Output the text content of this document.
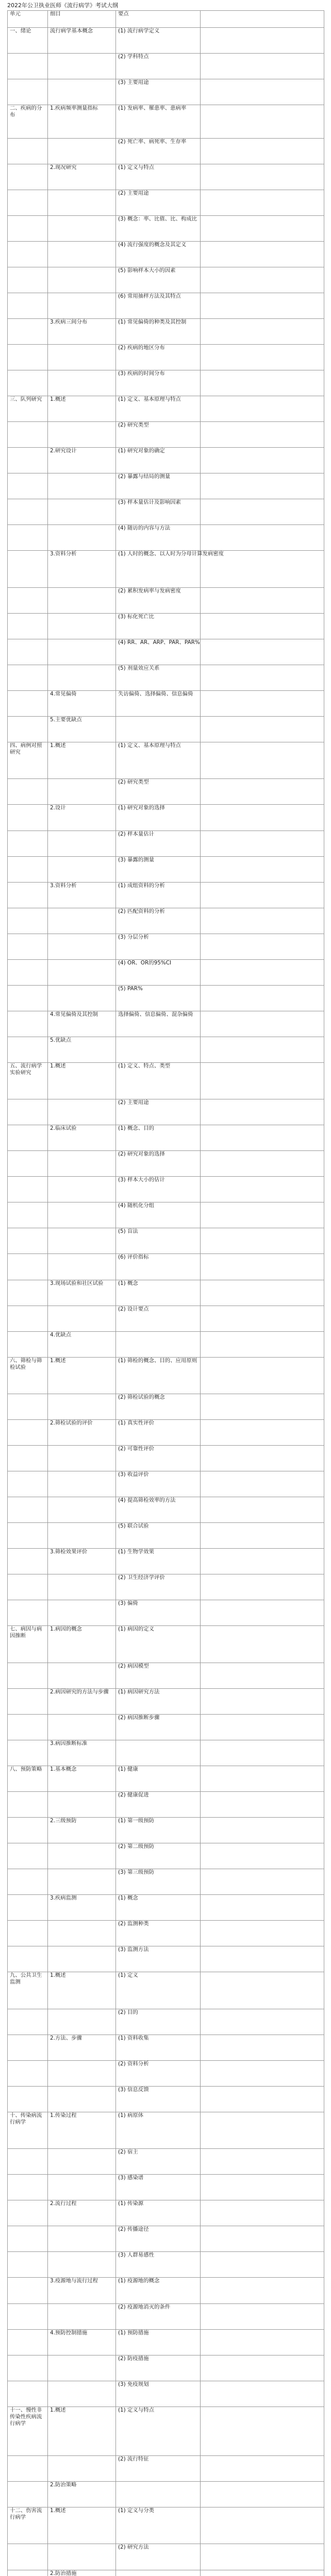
2022年公卫执业医师《流行病学》考试大纲
单元	细目	要点	
一、绪论	流行病学基本概念	(1) 流行病学定义	
		(2) 学科特点	
		(3) 主要用途	
二、疾病的分布	1.疾病频率测量指标	(1) 发病率、罹患率、患病率	
		(2) 死亡率、病死率、生存率	
	2.现况研究	(1) 定义与特点	
		(2) 主要用途	
		(3) 概念：率、比值、比、构成比	
		(4) 流行强度的概念及其定义	
		(5) 影响样本大小的因素	
		(6) 常用抽样方法及其特点	
	3.疾病三间分布	(1) 常见偏倚的种类及其控制	
		(2) 疾病的地区分布	
		(3) 疾病的时间分布	
三、队列研究	1.概述	(1) 定义、基本原理与特点	
		(2) 研究类型	
	2.研究设计	(1) 研究对象的确定	
		(2) 暴露与结局的测量	
		(3) 样本量估计及影响因素	
		(4) 随访的内容与方法	
	3.资料分析	(1) 人时的概念、以人时为分母计算发病密度	
		(2) 累积发病率与发病密度	
		(3) 标化死亡比	
		(4) RR、AR、ARP、PAR、PAR%	
		(5) 剂量效应关系	
	4.常见偏倚	失访偏倚、选择偏倚、信息偏倚	
	5.主要优缺点		
四、病例对照研究	1.概述	(1) 定义、基本原理与特点	
		(2) 研究类型	
	2.设计	(1) 研究对象的选择	
		(2) 样本量估计	
		(3) 暴露的测量	
	3.资料分析	(1) 成组资料的分析	
		(2) 匹配资料的分析	
		(3) 分层分析	
		(4) OR、OR的95%CI	
		(5) PAR%	
	4.常见偏倚及其控制	选择偏倚、信息偏倚、混杂偏倚	
	5.优缺点		
五、流行病学实验研究	1.概述	(1) 定义、特点、类型	
		(2) 主要用途	
	2.临床试验	(1) 概念、目的	
		(2) 研究对象的选择	
		(3) 样本大小的估计	
		(4) 随机化分组	
		(5) 盲法	
		(6) 评价指标	
	3.现场试验和社区试验	(1) 概念	
		(2) 设计要点	
	4.优缺点		
六、筛检与筛检试验	1.概述	(1) 筛检的概念、目的、应用原则	
		(2) 筛检试验的概念	
	2.筛检试验的评价	(1) 真实性评价	
		(2) 可靠性评价	
		(3) 收益评价	
		(4) 提高筛检效率的方法	
		(5) 联合试验	
	3.筛检效果评价	(1) 生物学效果	
		(2) 卫生经济学评价	
		(3) 偏倚	
七、病因与病因推断	1.病因的概念	(1) 病因的定义	
		(2) 病因模型	
	2.病因研究的方法与步骤	(1) 病因研究方法	
		(2) 病因推断步骤	
	3.病因推断标准		
八、预防策略	1.基本概念	(1) 健康	
		(2) 健康促进	
	2.三级预防	(1) 第一级预防	
		(2) 第二级预防	
		(3) 第三级预防	
	3.疾病监测	(1) 概念	
		(2) 监测种类	
		(3) 监测方法	
九、公共卫生监测	1.概述	(1) 定义	
		(2) 目的	
	2.方法、步骤	(1) 资料收集	
		(2) 资料分析	
		(3) 信息反馈	
十、传染病流行病学	1.传染过程	(1) 病原体	
		(2) 宿主	
		(3) 感染谱	
	2.流行过程	(1) 传染源	
		(2) 传播途径	
		(3) 人群易感性	
	3.疫源地与流行过程	(1) 疫源地的概念	
		(2) 疫源地消灭的条件	
	4.预防控制措施	(1) 预防措施	
		(2) 防疫措施	
		(3) 免疫规划	
十一、慢性非传染性疾病流行病学	1.概述	(1) 定义与特点	
		(2) 流行特征	
	2.防治策略		
十二、伤害流行病学	1.概述	(1) 定义与分类	
		(2) 研究方法	
	2.防治措施		
